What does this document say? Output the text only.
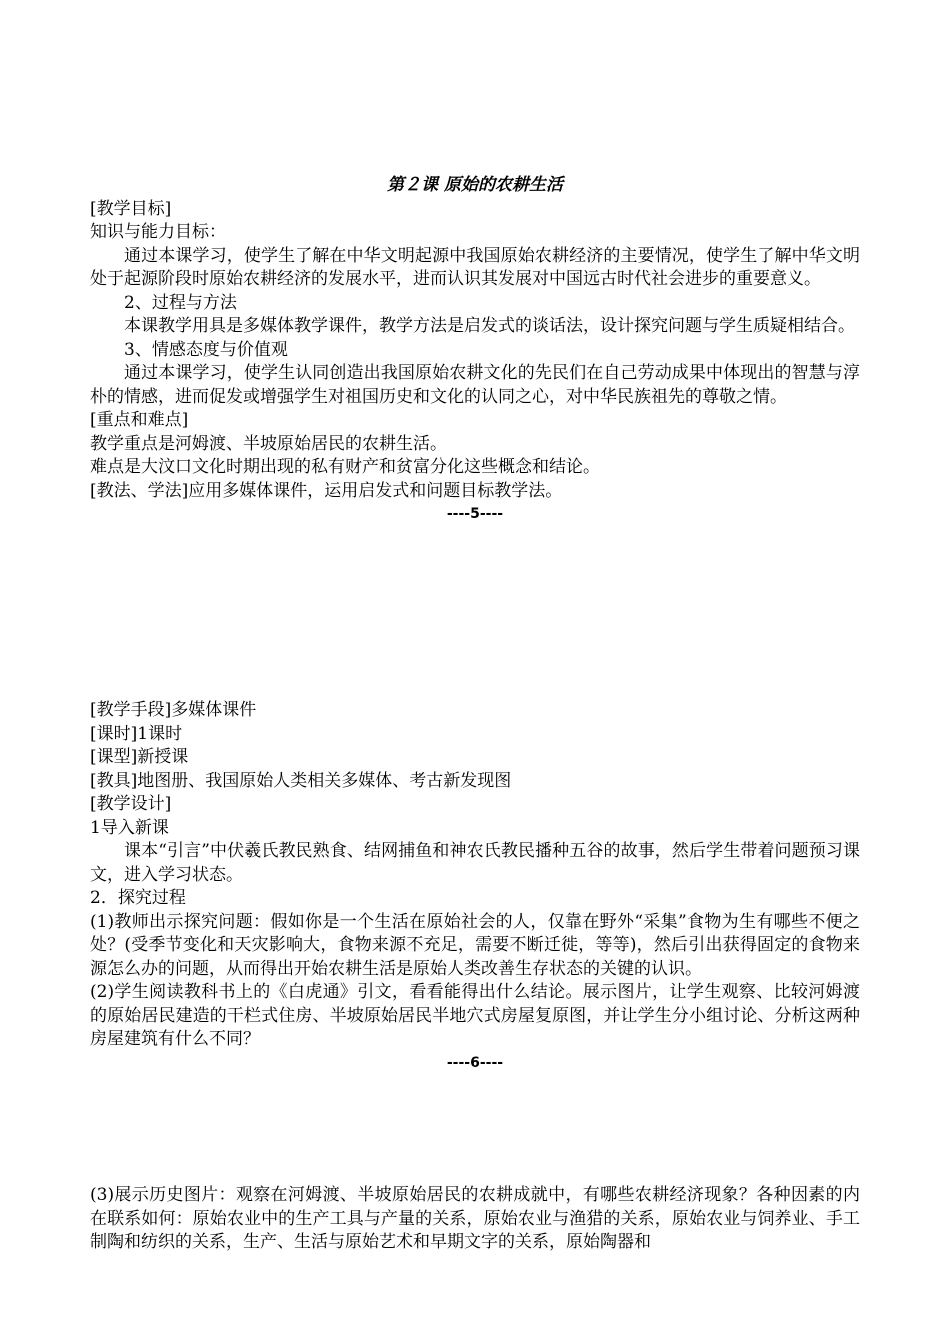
第２课 原始的农耕生活
[教学目标]
知识与能力目标：
通过本课学习，使学生了解在中华文明起源中我国原始农耕经济的主要情况，使学生了解中华文明处于起源阶段时原始农耕经济的发展水平，进而认识其发展对中国远古时代社会进步的重要意义。
2、过程与方法
本课教学用具是多媒体教学课件，教学方法是启发式的谈话法，设计探究问题与学生质疑相结合。
3、情感态度与价值观
通过本课学习，使学生认同创造出我国原始农耕文化的先民们在自己劳动成果中体现出的智慧与淳朴的情感，进而促发或增强学生对祖国历史和文化的认同之心，对中华民族祖先的尊敬之情。
[重点和难点]
教学重点是河姆渡、半坡原始居民的农耕生活。
难点是大汶口文化时期出现的私有财产和贫富分化这些概念和结论。
[教法、学法]应用多媒体课件，运用启发式和问题目标教学法。
----5----
[教学手段]多媒体课件
[课时]1课时
[课型]新授课
[教具]地图册、我国原始人类相关多媒体、考古新发现图
[教学设计]
1导入新课
课本“引言”中伏羲氏教民熟食、结网捕鱼和神农氏教民播种五谷的故事，然后学生带着问题预习课文，进入学习状态。
2．探究过程
(1)教师出示探究问题：假如你是一个生活在原始社会的人，仅靠在野外“采集”食物为生有哪些不便之处？(受季节变化和天灾影响大，食物来源不充足，需要不断迁徙，等等)，然后引出获得固定的食物来源怎么办的问题，从而得出开始农耕生活是原始人类改善生存状态的关键的认识。
(2)学生阅读教科书上的《白虎通》引文，看看能得出什么结论。展示图片，让学生观察、比较河姆渡的原始居民建造的干栏式住房、半坡原始居民半地穴式房屋复原图，并让学生分小组讨论、分析这两种房屋建筑有什么不同？
----6----
(3)展示历史图片：观察在河姆渡、半坡原始居民的农耕成就中，有哪些农耕经济现象？各种因素的内在联系如何：原始农业中的生产工具与产量的关系，原始农业与渔猎的关系，原始农业与饲养业、手工制陶和纺织的关系，生产、生活与原始艺术和早期文字的关系，原始陶器和
